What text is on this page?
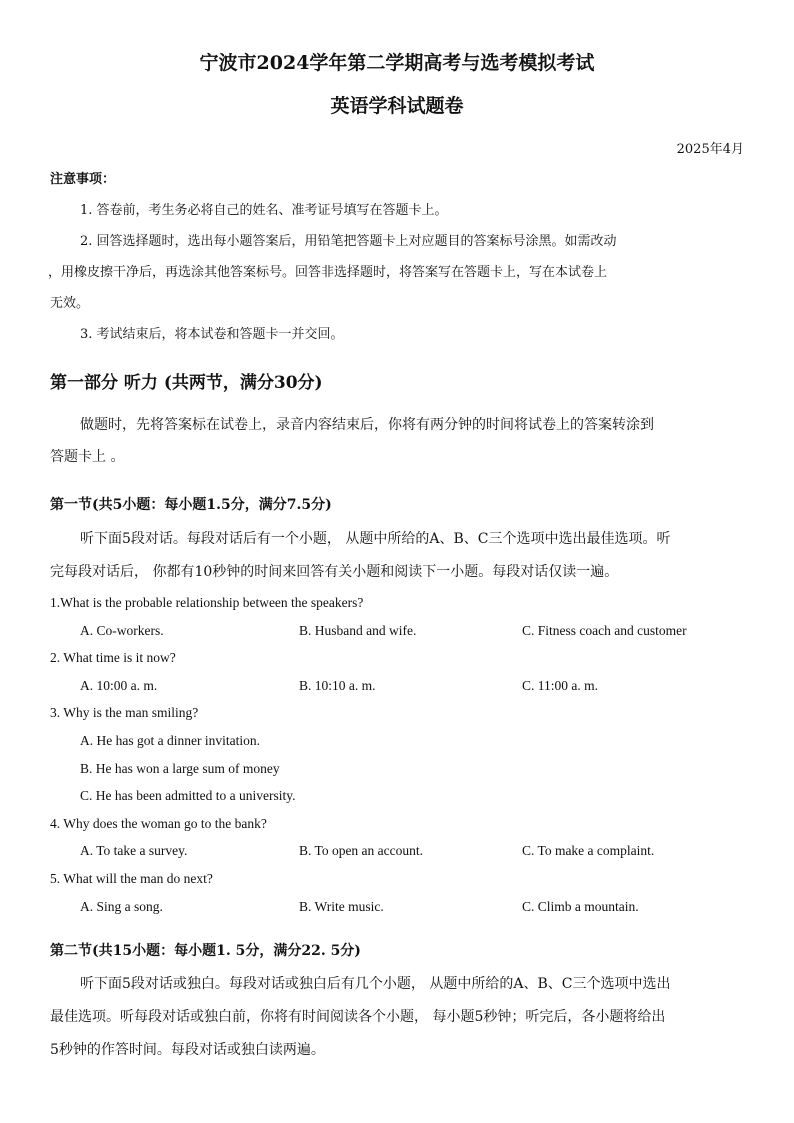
宁波市2024学年第二学期高考与选考模拟考试
英语学科试题卷
2025年4月
注意事项：
1. 答卷前，考生务必将自己的姓名、准考证号填写在答题卡上。
2. 回答选择题时，选出每小题答案后，用铅笔把答题卡上对应题目的答案标号涂黑。如需改动
，用橡皮擦干净后，再选涂其他答案标号。回答非选择题时，将答案写在答题卡上，写在本试卷上
无效。
3. 考试结束后，将本试卷和答题卡一并交回。
第一部分 听力 (共两节，满分30分)
做题时，先将答案标在试卷上，录音内容结束后，你将有两分钟的时间将试卷上的答案转涂到
答题卡上 。
第一节(共5小题：每小题1.5分，满分7.5分)
听下面5段对话。每段对话后有一个小题， 从题中所给的A、B、C三个选项中选出最佳选项。听
完每段对话后， 你都有10秒钟的时间来回答有关小题和阅读下一小题。每段对话仅读一遍。
1.What is the probable relationship between the speakers?
A. Co-workers.	B. Husband and wife.	C. Fitness coach and customer
2. What time is it now?
A. 10:00 a. m.	B. 10:10 a. m.	C. 11:00 a. m.
3. Why is the man smiling?
A. He has got a dinner invitation.
B. He has won a large sum of money
C. He has been admitted to a university.
4. Why does the woman go to the bank?
A. To take a survey.	B. To open an account.	C. To make a complaint.
5. What will the man do next?
A. Sing a song.	B. Write music.	C. Climb a mountain.
第二节(共15小题：每小题1. 5分，满分22. 5分)
听下面5段对话或独白。每段对话或独白后有几个小题， 从题中所给的A、B、C三个选项中选出
最佳选项。听每段对话或独白前，你将有时间阅读各个小题， 每小题5秒钟；听完后，各小题将给出
5秒钟的作答时间。每段对话或独白读两遍。
